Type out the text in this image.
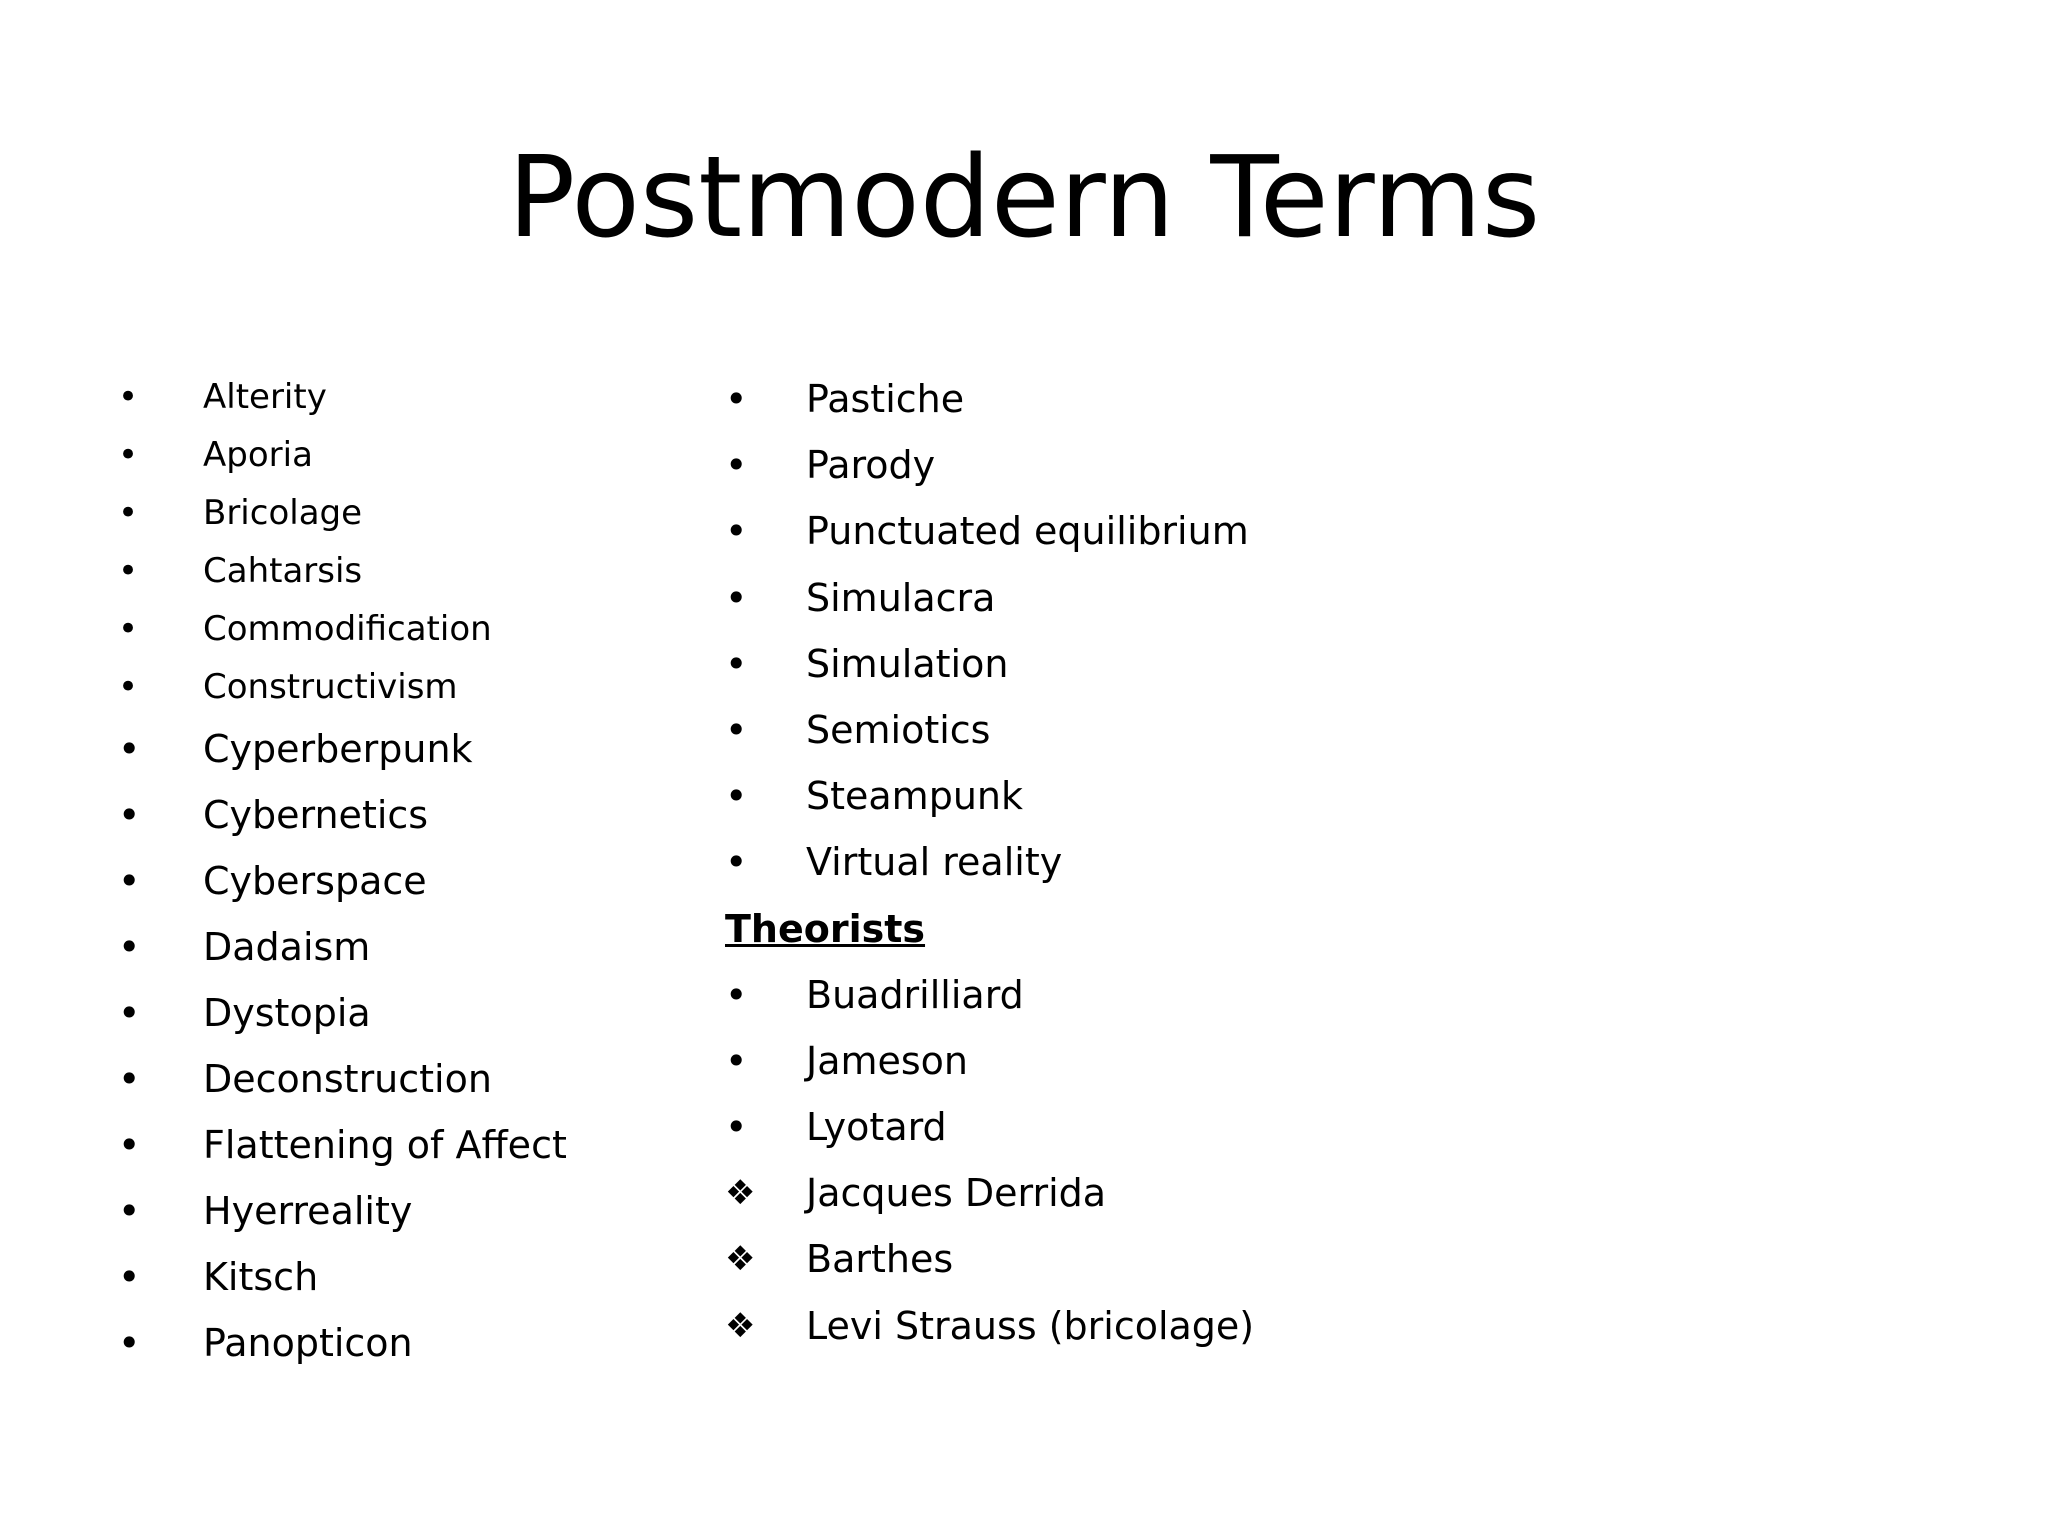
Postmodern Terms
•	Alterity
•	Aporia
•	Bricolage
•	Cahtarsis
•	Commodification
•	Constructivism
•	Cyperberpunk
•	Cybernetics
•	Cyberspace
•	Dadaism
•	Dystopia
•	Deconstruction
•	Flattening of Affect
•	Hyerreality
•	Kitsch
•	Panopticon
•	Pastiche
•	Parody
•	Punctuated equilibrium
•	Simulacra
•	Simulation
•	Semiotics
•	Steampunk
•	Virtual reality
Theorists
•	Buadrilliard
•	Jameson
•	Lyotard
❖ Jacques Derrida
❖ Barthes
❖ Levi Strauss (bricolage)
